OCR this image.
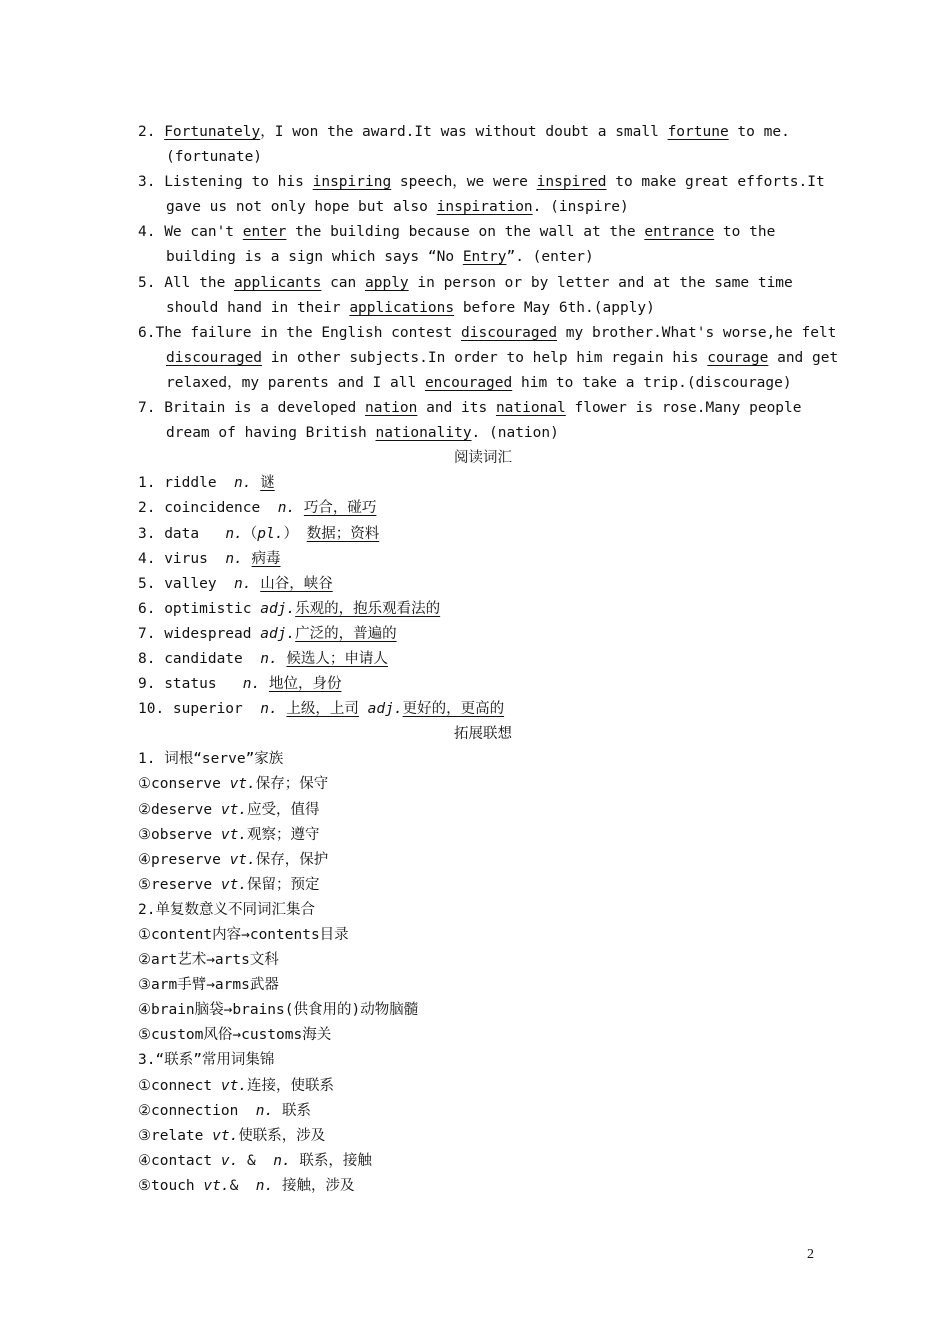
2. Fortunately，I won the award.It was without doubt a small fortune to me.
(fortunate)
3. Listening to his inspiring speech，we were inspired to make great efforts.It
gave us not only hope but also inspiration. (inspire)
4. We can't enter the building because on the wall at the entrance to the
building is a sign which says “No Entry”. (enter)
5. All the applicants can apply in person or by letter and at the same time
should hand in their applications before May 6th.(apply)
6.The failure in the English contest discouraged my brother.What's worse,he felt
discouraged in other subjects.In order to help him regain his courage and get
relaxed，my parents and I all encouraged him to take a trip.(discourage)
7. Britain is a developed nation and its national flower is rose.Many people
dream of having British nationality. (nation)
阅读词汇
1. riddle  n. 谜
2. coincidence  n. 巧合，碰巧
3. data   n.（pl.） 数据；资料
4. virus  n. 病毒
5. valley  n. 山谷，峡谷
6. optimistic adj.乐观的，抱乐观看法的
7. widespread adj.广泛的，普遍的
8. candidate  n. 候选人；申请人
9. status   n. 地位，身份
10. superior  n. 上级，上司 adj.更好的，更高的
拓展联想
1. 词根“serve”家族
①conserve vt.保存；保守
②deserve vt.应受，值得
③observe vt.观察；遵守
④preserve vt.保存，保护
⑤reserve vt.保留；预定
2.单复数意义不同词汇集合
①content内容→contents目录
②art艺术→arts文科
③arm手臂→arms武器
④brain脑袋→brains(供食用的)动物脑髓
⑤custom风俗→customs海关
3.“联系”常用词集锦
①connect vt.连接，使联系
②connection  n. 联系
③relate vt.使联系，涉及
④contact v. &  n. 联系，接触
⑤touch vt.&  n. 接触，涉及
2
